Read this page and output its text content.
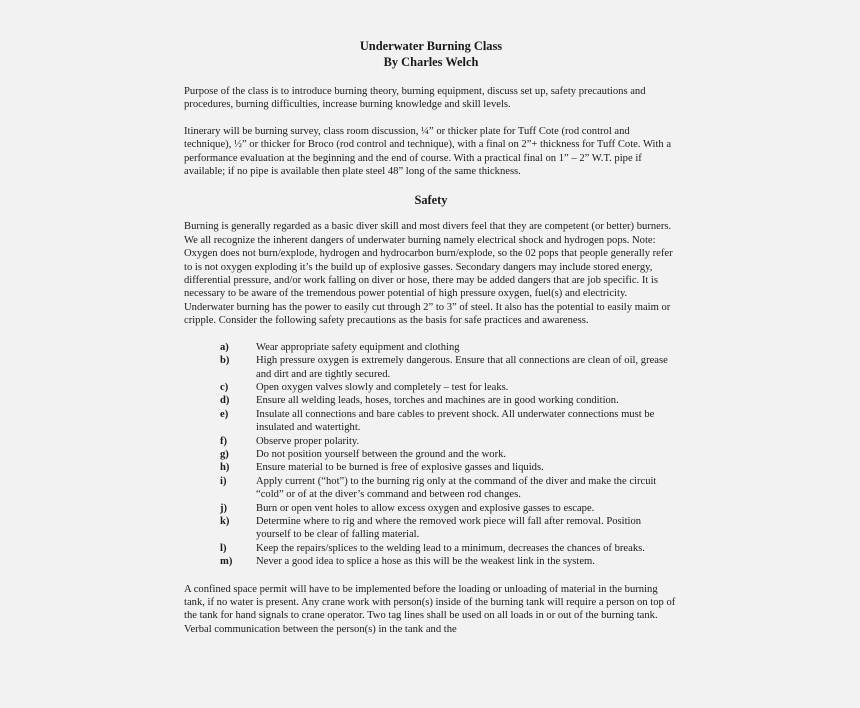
Underwater Burning Class

By Charles Welch

Purpose of the class is to introduce burning theory, burning equipment, discuss set up, safety precautions and procedures, burning difficulties, increase burning knowledge and skill levels.

Itinerary will be burning survey, class room discussion, ¼” or thicker plate for Tuff Cote (rod control and technique), ½” or thicker for Broco (rod control and technique), with a final on 2”+ thickness for Tuff Cote. With a performance evaluation at the beginning and the end of course. With a practical final on 1” – 2” W.T. pipe if available; if no pipe is available then plate steel 48” long of the same thickness.

Safety

Burning is generally regarded as a basic diver skill and most divers feel that they are competent (or better) burners. We all recognize the inherent dangers of underwater burning namely electrical shock and hydrogen pops. Note: Oxygen does not burn/explode, hydrogen and hydrocarbon burn/explode, so the 02 pops that people generally refer to is not oxygen exploding it’s the build up of explosive gasses. Secondary dangers may include stored energy, differential pressure, and/or work falling on diver or hose, there may be added dangers that are job specific. It is necessary to be aware of the tremendous power potential of high pressure oxygen, fuel(s) and electricity. Underwater burning has the power to easily cut through 2” to 3” of steel. It also has the potential to easily maim or cripple. Consider the following safety precautions as the basis for safe practices and awareness.

a)	Wear appropriate safety equipment and clothing
b)	High pressure oxygen is extremely dangerous. Ensure that all connections are clean of oil, grease and dirt and are tightly secured.
c)	Open oxygen valves slowly and completely – test for leaks.
d)	Ensure all welding leads, hoses, torches and machines are in good working condition.
e)	Insulate all connections and bare cables to prevent shock. All underwater connections must be insulated and watertight.
f)	Observe proper polarity.
g)	Do not position yourself between the ground and the work.
h)	Ensure material to be burned is free of explosive gasses and liquids.
i)	Apply current (“hot”) to the burning rig only at the command of the diver and make the circuit “cold” or of at the diver’s command and between rod changes.
j)	Burn or open vent holes to allow excess oxygen and explosive gasses to escape.
k)	Determine where to rig and where the removed work piece will fall after removal. Position yourself to be clear of falling material.
l)	Keep the repairs/splices to the welding lead to a minimum, decreases the chances of breaks.
m)	Never a good idea to splice a hose as this will be the weakest link in the system.

A confined space permit will have to be implemented before the loading or unloading of material in the burning tank, if no water is present. Any crane work with person(s) inside of the burning tank will require a person on top of the tank for hand signals to crane operator. Two tag lines shall be used on all loads in or out of the burning tank. Verbal communication between the person(s) in the tank and the
